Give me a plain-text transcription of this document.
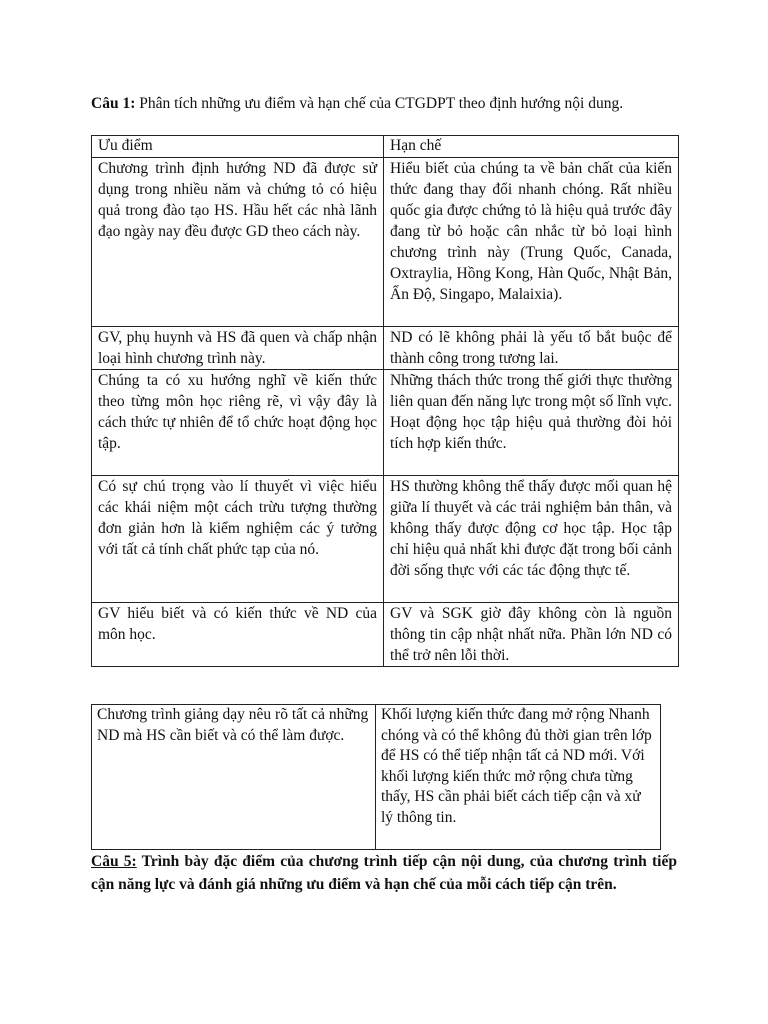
Câu 1: Phân tích những ưu điểm và hạn chế của CTGDPT theo định hướng nội dung.

Ưu điểm	Hạn chế
Chương trình định hướng ND đã được sử dụng trong nhiều năm và chứng tỏ có hiệu quả trong đào tạo HS. Hầu hết các nhà lãnh đạo ngày nay đều được GD theo cách này.	Hiểu biết của chúng ta về bản chất của kiến thức đang thay đổi nhanh chóng. Rất nhiều quốc gia được chứng tỏ là hiệu quả trước đây đang từ bỏ hoặc cân nhắc từ bỏ loại hình chương trình này (Trung Quốc, Canada, Oxtraylia, Hồng Kong, Hàn Quốc, Nhật Bản, Ấn Độ, Singapo, Malaixia).
GV, phụ huynh và HS đã quen và chấp nhận loại hình chương trình này.	ND có lẽ không phải là yếu tố bắt buộc để thành công trong tương lai.
Chúng ta có xu hướng nghĩ về kiến thức theo từng môn học riêng rẽ, vì vậy đây là cách thức tự nhiên để tổ chức hoạt động học tập.	Những thách thức trong thế giới thực thường liên quan đến năng lực trong một số lĩnh vực. Hoạt động học tập hiệu quả thường đòi hỏi tích hợp kiến thức.
Có sự chú trọng vào lí thuyết vì việc hiểu các khái niệm một cách trừu tượng thường đơn giản hơn là kiểm nghiệm các ý tưởng với tất cả tính chất phức tạp của nó.	HS thường không thể thấy được mối quan hệ giữa lí thuyết và các trải nghiệm bản thân, và không thấy được động cơ học tập. Học tập chỉ hiệu quả nhất khi được đặt trong bối cảnh đời sống thực với các tác động thực tế.
GV hiểu biết và có kiến thức về ND của môn học.	GV và SGK giờ đây không còn là nguồn thông tin cập nhật nhất nữa. Phần lớn ND có thể trở nên lỗi thời.
Chương trình giảng dạy nêu rõ tất cả những ND mà HS cần biết và có thể làm được.	Khối lượng kiến thức đang mở rộng Nhanh chóng và có thể không đủ thời gian trên lớp để HS có thể tiếp nhận tất cả ND mới. Với khối lượng kiến thức mở rộng chưa từng thấy, HS cần phải biết cách tiếp cận và xử lý thông tin.

Câu 5: Trình bày đặc điểm của chương trình tiếp cận nội dung, của chương trình tiếp cận năng lực và đánh giá những ưu điểm và hạn chế của mỗi cách tiếp cận trên.
